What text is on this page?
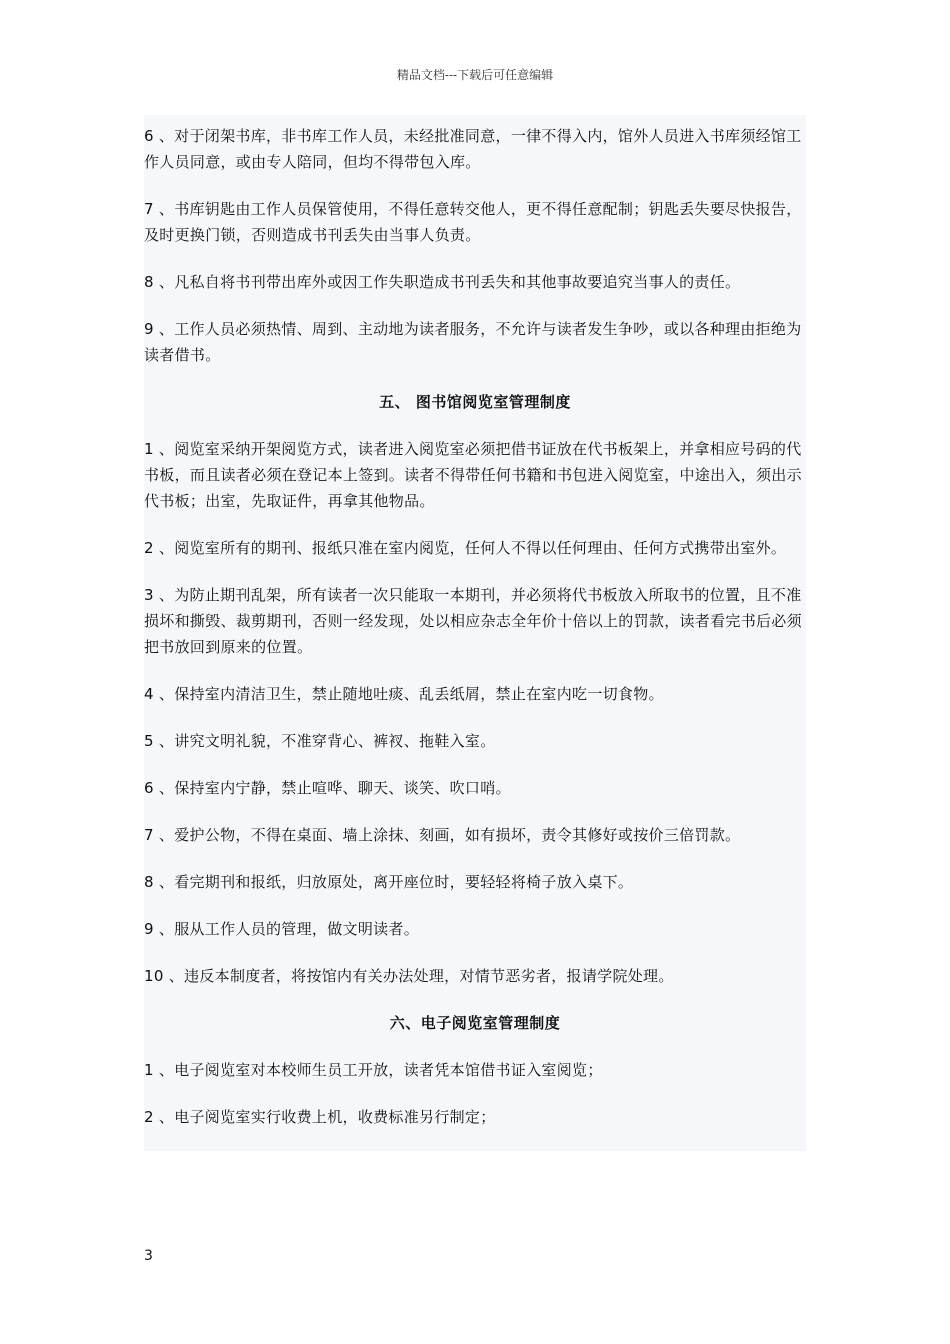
精品文档---下载后可任意编辑

6 、对于闭架书库，非书库工作人员，未经批准同意，一律不得入内，馆外人员进入书库须经馆工作人员同意，或由专人陪同，但均不得带包入库。

7 、书库钥匙由工作人员保管使用，不得任意转交他人，更不得任意配制；钥匙丢失要尽快报告，及时更换门锁，否则造成书刊丢失由当事人负责。

8 、凡私自将书刊带出库外或因工作失职造成书刊丢失和其他事故要追究当事人的责任。

9 、工作人员必须热情、周到、主动地为读者服务，不允许与读者发生争吵，或以各种理由拒绝为读者借书。

五、 图书馆阅览室管理制度

1 、阅览室采纳开架阅览方式，读者进入阅览室必须把借书证放在代书板架上，并拿相应号码的代书板，而且读者必须在登记本上签到。读者不得带任何书籍和书包进入阅览室，中途出入，须出示代书板；出室，先取证件，再拿其他物品。

2 、阅览室所有的期刊、报纸只准在室内阅览，任何人不得以任何理由、任何方式携带出室外。

3 、为防止期刊乱架，所有读者一次只能取一本期刊，并必须将代书板放入所取书的位置，且不准损坏和撕毁、裁剪期刊，否则一经发现，处以相应杂志全年价十倍以上的罚款，读者看完书后必须把书放回到原来的位置。

4 、保持室内清洁卫生，禁止随地吐痰、乱丢纸屑，禁止在室内吃一切食物。

5 、讲究文明礼貌，不准穿背心、裤衩、拖鞋入室。

6 、保持室内宁静，禁止喧哗、聊天、谈笑、吹口哨。

7 、爱护公物，不得在桌面、墙上涂抹、刻画，如有损坏，责令其修好或按价三倍罚款。

8 、看完期刊和报纸，归放原处，离开座位时，要轻轻将椅子放入桌下。

9 、服从工作人员的管理，做文明读者。

10 、违反本制度者，将按馆内有关办法处理，对情节恶劣者，报请学院处理。

六、电子阅览室管理制度

1 、电子阅览室对本校师生员工开放，读者凭本馆借书证入室阅览；

2 、电子阅览室实行收费上机，收费标准另行制定；

3
